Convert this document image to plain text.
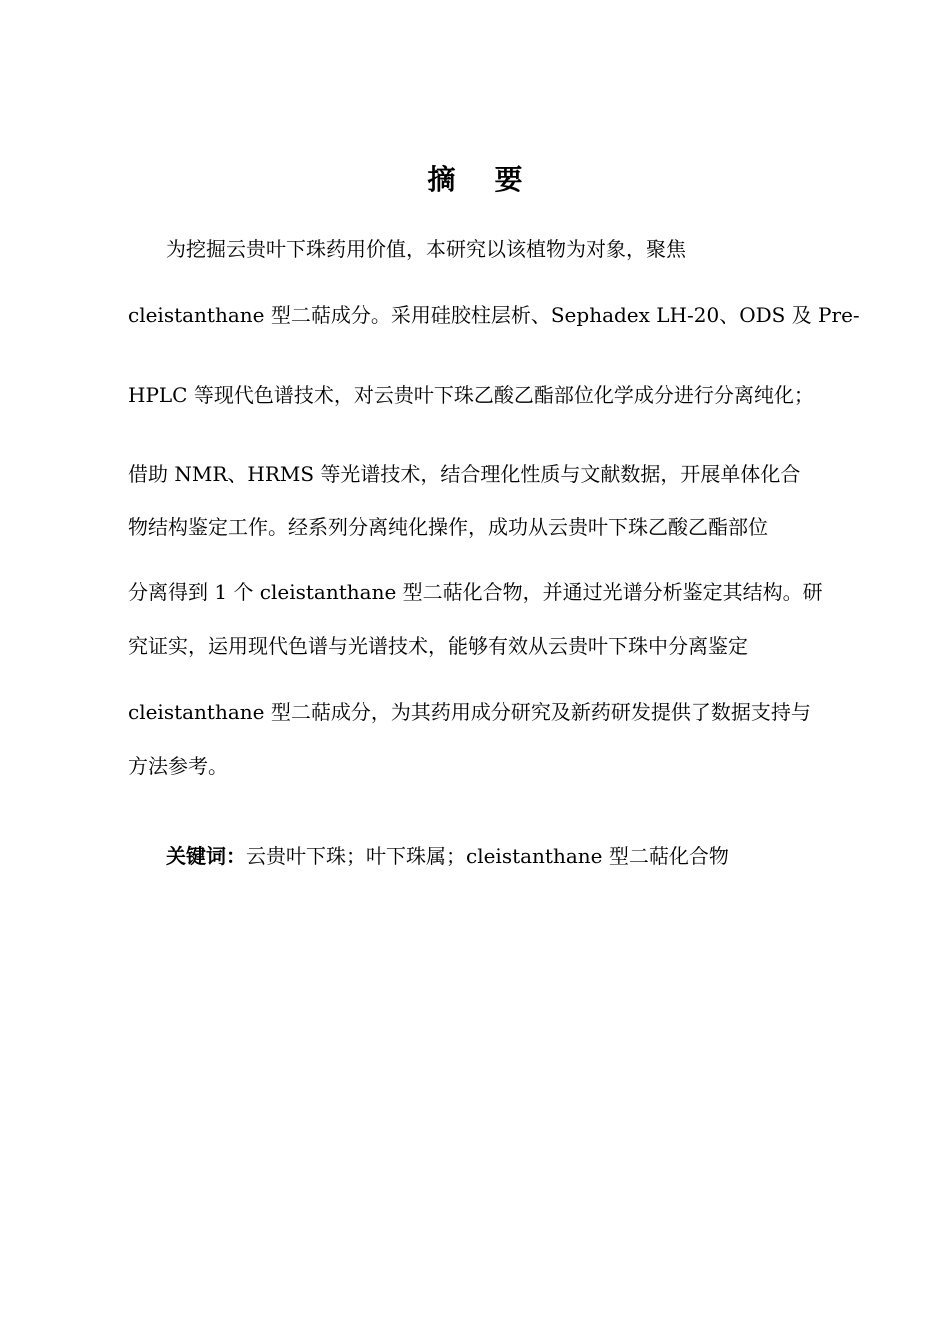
摘    要
为挖掘云贵叶下珠药用价值，本研究以该植物为对象，聚焦
cleistanthane 型二萜成分。采用硅胶柱层析、Sephadex LH-20、ODS 及 Pre-
HPLC 等现代色谱技术，对云贵叶下珠乙酸乙酯部位化学成分进行分离纯化；
借助 NMR、HRMS 等光谱技术，结合理化性质与文献数据，开展单体化合
物结构鉴定工作。经系列分离纯化操作，成功从云贵叶下珠乙酸乙酯部位
分离得到 1 个 cleistanthane 型二萜化合物，并通过光谱分析鉴定其结构。研
究证实，运用现代色谱与光谱技术，能够有效从云贵叶下珠中分离鉴定
cleistanthane 型二萜成分，为其药用成分研究及新药研发提供了数据支持与
方法参考。
关键词：云贵叶下珠；叶下珠属；cleistanthane 型二萜化合物
